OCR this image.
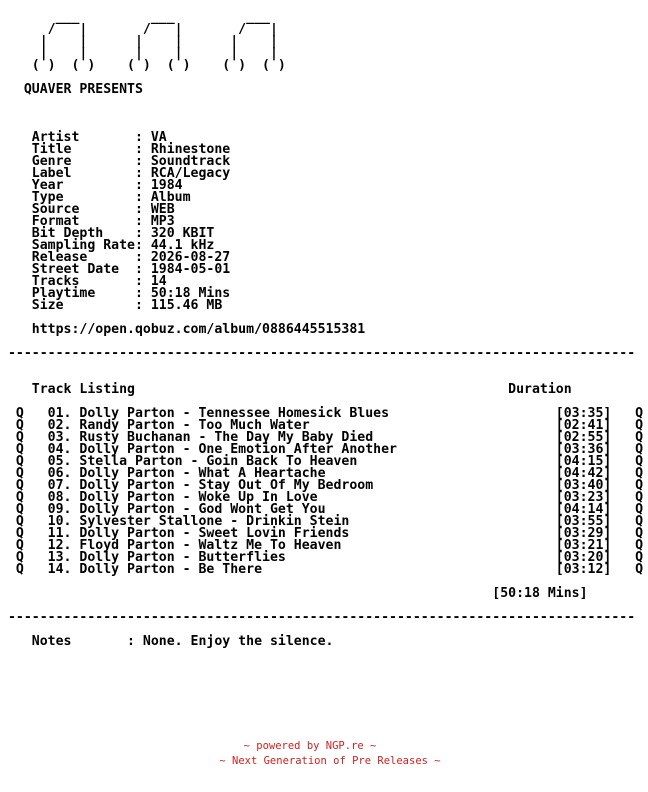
___         ___         ___
/   |       /   |       /   |
|    |      |    |      |    |
|    |      |    |      |    |
( )  ( )    ( )  ( )    ( )  ( )

QUAVER PRESENTS

Artist       : VA
Title        : Rhinestone
Genre        : Soundtrack
Label        : RCA/Legacy
Year         : 1984
Type         : Album
Source       : WEB
Format       : MP3
Bit Depth    : 320 KBIT
Sampling Rate: 44.1 kHz
Release      : 2026-08-27
Street Date  : 1984-05-01
Tracks       : 14
Playtime     : 50:18 Mins
Size         : 115.46 MB

https://open.qobuz.com/album/0886445515381

-------------------------------------------------------------------------------

Track Listing                                               Duration

Q   01. Dolly Parton - Tennessee Homesick Blues                     [03:35]   Q
Q   02. Randy Parton - Too Much Water                               [02:41]   Q
Q   03. Rusty Buchanan - The Day My Baby Died                       [02:55]   Q
Q   04. Dolly Parton - One Emotion After Another                    [03:36]   Q
Q   05. Stella Parton - Goin Back To Heaven                         [04:15]   Q
Q   06. Dolly Parton - What A Heartache                             [04:42]   Q
Q   07. Dolly Parton - Stay Out Of My Bedroom                       [03:40]   Q
Q   08. Dolly Parton - Woke Up In Love                              [03:23]   Q
Q   09. Dolly Parton - God Wont Get You                             [04:14]   Q
Q   10. Sylvester Stallone - Drinkin Stein                          [03:55]   Q
Q   11. Dolly Parton - Sweet Lovin Friends                          [03:29]   Q
Q   12. Floyd Parton - Waltz Me To Heaven                           [03:21]   Q
Q   13. Dolly Parton - Butterflies                                  [03:20]   Q
Q   14. Dolly Parton - Be There                                     [03:12]   Q

[50:18 Mins]

-------------------------------------------------------------------------------

Notes       : None. Enjoy the silence.
~ powered by NGP.re ~
~ Next Generation of Pre Releases ~
